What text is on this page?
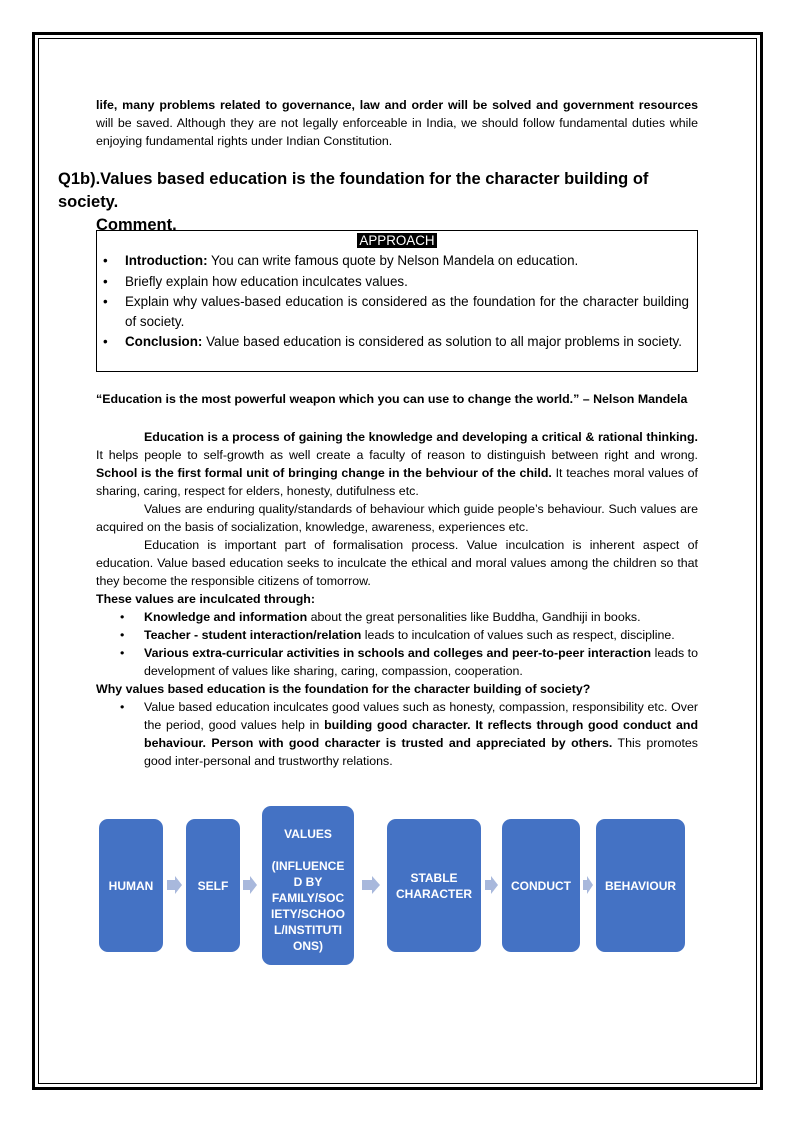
life, many problems related to governance, law and order will be solved and government resources will be saved. Although they are not legally enforceable in India, we should follow fundamental duties while enjoying fundamental rights under Indian Constitution.
Q1b).Values based education is the foundation for the character building of society.
Comment.
APPROACH
• Introduction: You can write famous quote by Nelson Mandela on education.
• Briefly explain how education inculcates values.
• Explain why values-based education is considered as the foundation for the character building of society.
• Conclusion: Value based education is considered as solution to all major problems in society.
“Education is the most powerful weapon which you can use to change the world.” – Nelson Mandela

Education is a process of gaining the knowledge and developing a critical & rational thinking. It helps people to self-growth as well create a faculty of reason to distinguish between right and wrong. School is the first formal unit of bringing change in the behviour of the child. It teaches moral values of sharing, caring, respect for elders, honesty, dutifulness etc.

Values are enduring quality/standards of behaviour which guide people’s behaviour. Such values are acquired on the basis of socialization, knowledge, awareness, experiences etc.

Education is important part of formalisation process. Value inculcation is inherent aspect of education. Value based education seeks to inculcate the ethical and moral values among the children so that they become the responsible citizens of tomorrow.

These values are inculcated through:

• Knowledge and information about the great personalities like Buddha, Gandhiji in books.
• Teacher - student interaction/relation leads to inculcation of values such as respect, discipline.
• Various extra-curricular activities in schools and colleges and peer-to-peer interaction leads to development of values like sharing, caring, compassion, cooperation.

Why values based education is the foundation for the character building of society?

• Value based education inculcates good values such as honesty, compassion, responsibility etc. Over the period, good values help in building good character. It reflects through good conduct and behaviour. Person with good character is trusted and appreciated by others. This promotes good inter-personal and trustworthy relations.
HUMAN	SELF
VALUES

(INFLUENCE
D BY
FAMILY/SOC
IETY/SCHOO
L/INSTITUTI
ONS)
STABLE
CHARACTER
CONDUCT	BEHAVIOUR
